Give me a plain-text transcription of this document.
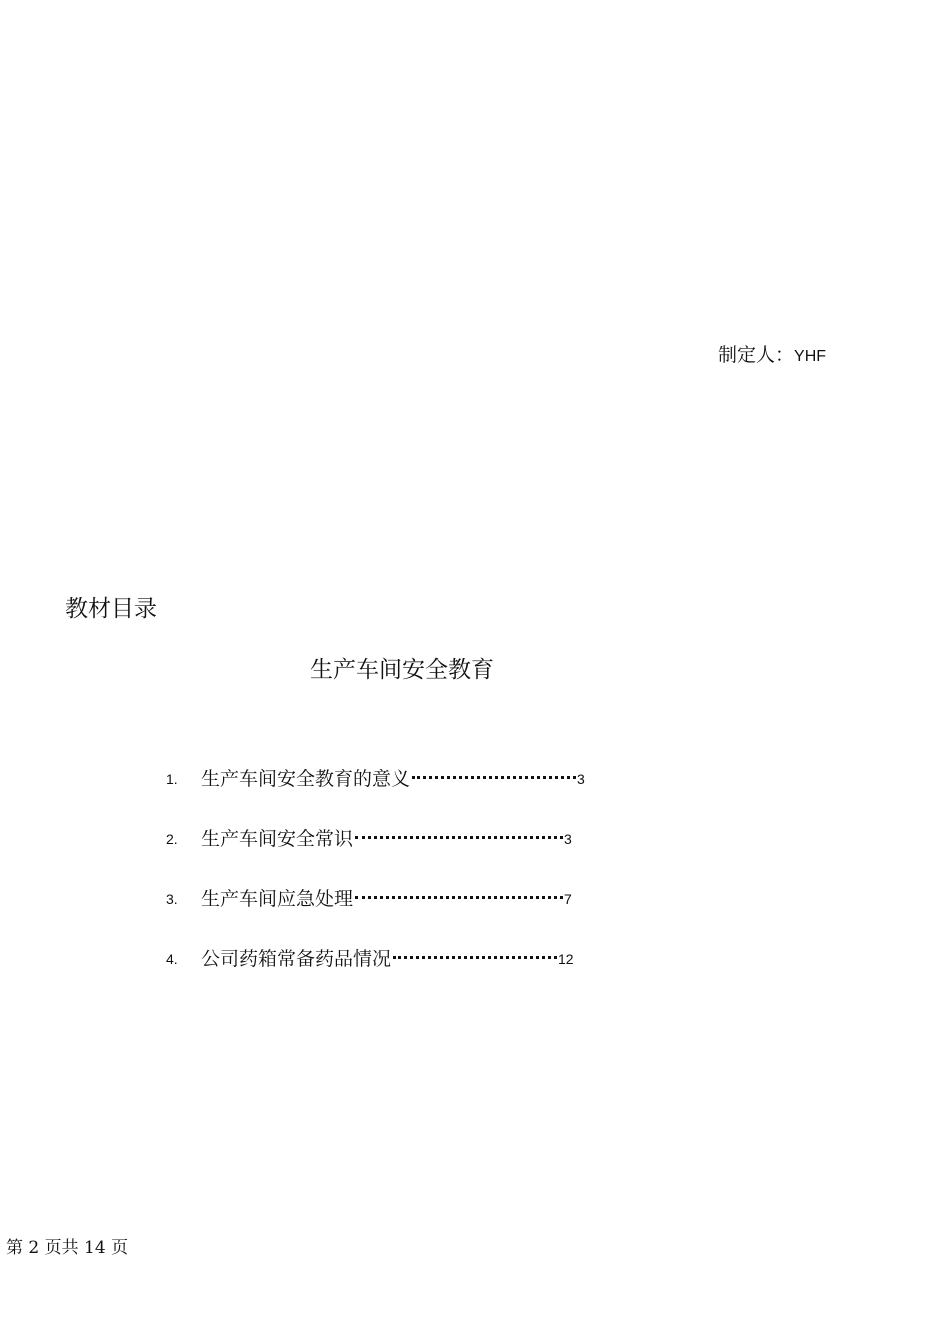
制定人：YHF
教材目录
生产车间安全教育
1.	生产车间安全教育的意义	3
2.	生产车间安全常识	3
3.	生产车间应急处理	7
4.	公司药箱常备药品情况	12
第 2 页共 14 页
